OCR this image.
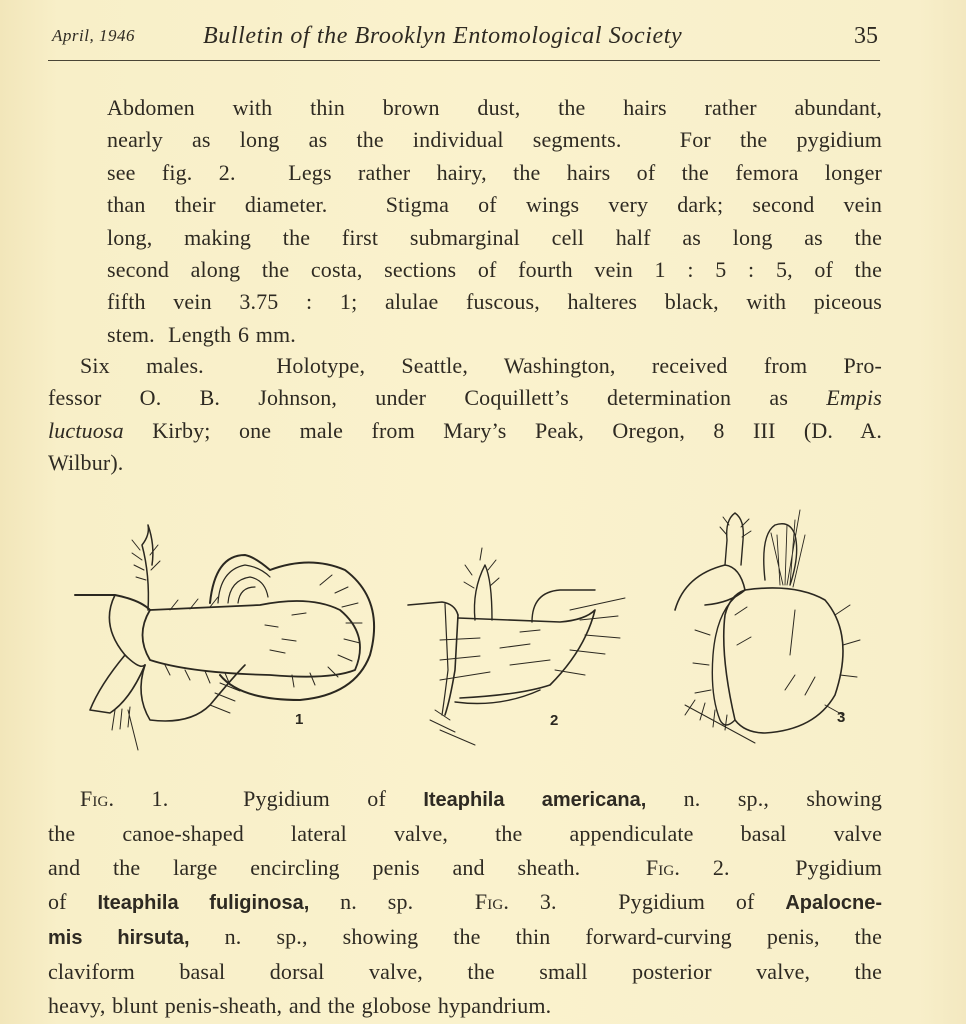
April, 1946	Bulletin of the Brooklyn Entomological Society	35
Abdomen with thin brown dust, the hairs rather abundant,
nearly as long as the individual segments.  For the pygidium
see fig. 2.  Legs rather hairy, the hairs of the femora longer
than their diameter.  Stigma of wings very dark; second vein
long, making the first submarginal cell half as long as the
second along the costa, sections of fourth vein 1 : 5 : 5, of the
fifth vein 3.75 : 1; alulae fuscous, halteres black, with piceous
stem.  Length 6 mm.
Six males.  Holotype, Seattle, Washington, received from Pro-
fessor O. B. Johnson, under Coquillett’s determination as Empis
luctuosa Kirby; one male from Mary’s Peak, Oregon, 8 III (D. A.
Wilbur).
1	2	3
Fig. 1.  Pygidium of Iteaphila americana, n. sp., showing
the canoe-shaped lateral valve, the appendiculate basal valve
and the large encircling penis and sheath.  Fig. 2.  Pygidium
of Iteaphila fuliginosa, n. sp.  Fig. 3.  Pygidium of Apalocne-
mis hirsuta, n. sp., showing the thin forward-curving penis, the
claviform basal dorsal valve, the small posterior valve, the
heavy, blunt penis-sheath, and the globose hypandrium.
